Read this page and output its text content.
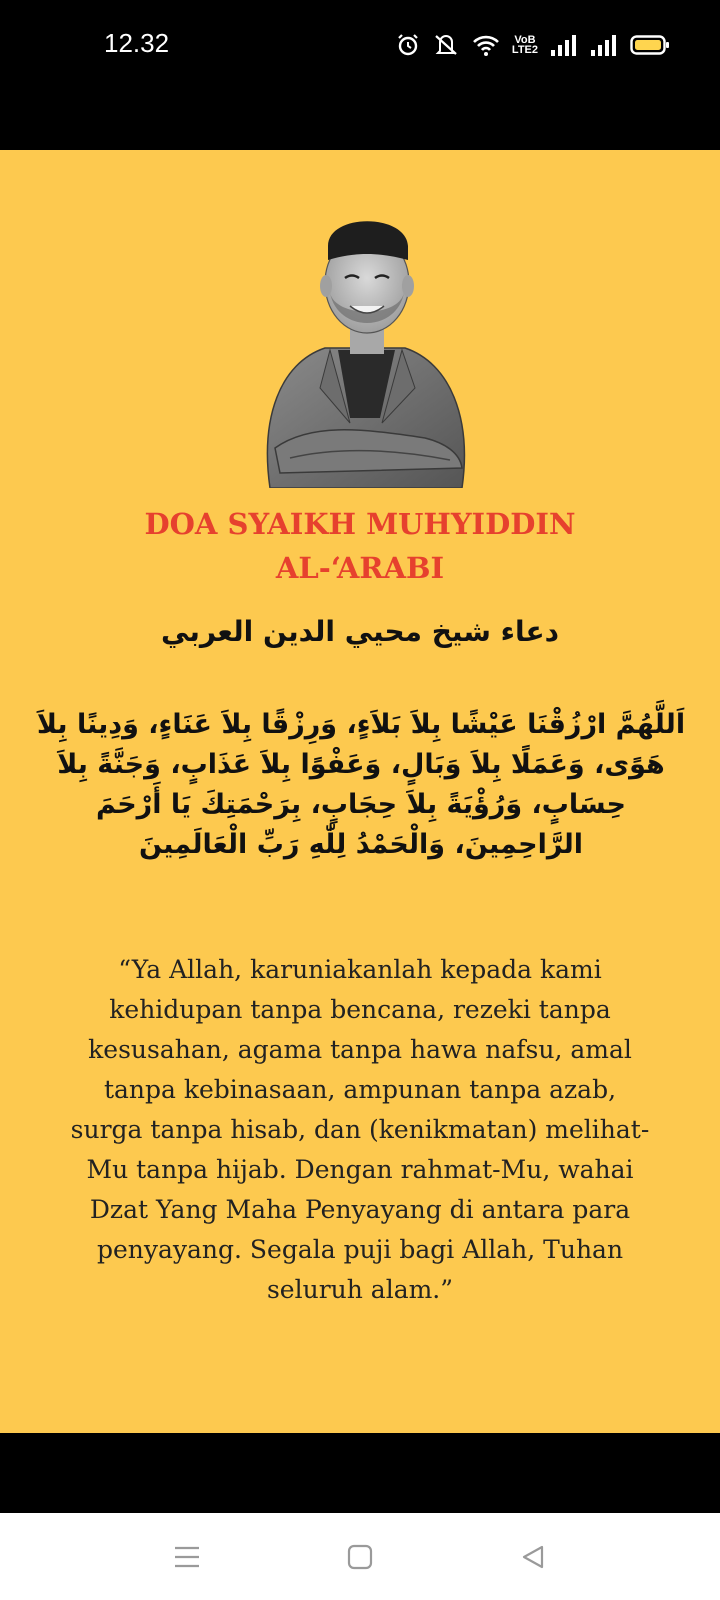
12.32	VoB
LTE2
DOA SYAIKH MUHYIDDIN
AL-‘ARABI
دعاء شيخ محيي الدين العربي
اَللَّهُمَّ ارْزُقْنَا عَيْشًا بِلاَ بَلاَءٍ، وَرِزْقًا بِلاَ عَنَاءٍ، وَدِينًا بِلاَ هَوًى، وَعَمَلًا بِلاَ وَبَالٍ، وَعَفْوًا بِلاَ عَذَابٍ، وَجَنَّةً بِلاَ حِسَابٍ، وَرُؤْيَةً بِلاَ حِجَابٍ، بِرَحْمَتِكَ يَا أَرْحَمَ الرَّاحِمِينَ، وَالْحَمْدُ لِلّٰهِ رَبِّ الْعَالَمِينَ
“Ya Allah, karuniakanlah kepada kami kehidupan tanpa bencana, rezeki tanpa kesusahan, agama tanpa hawa nafsu, amal tanpa kebinasaan, ampunan tanpa azab, surga tanpa hisab, dan (kenikmatan) melihat-Mu tanpa hijab. Dengan rahmat-Mu, wahai Dzat Yang Maha Penyayang di antara para penyayang. Segala puji bagi Allah, Tuhan seluruh alam.”
